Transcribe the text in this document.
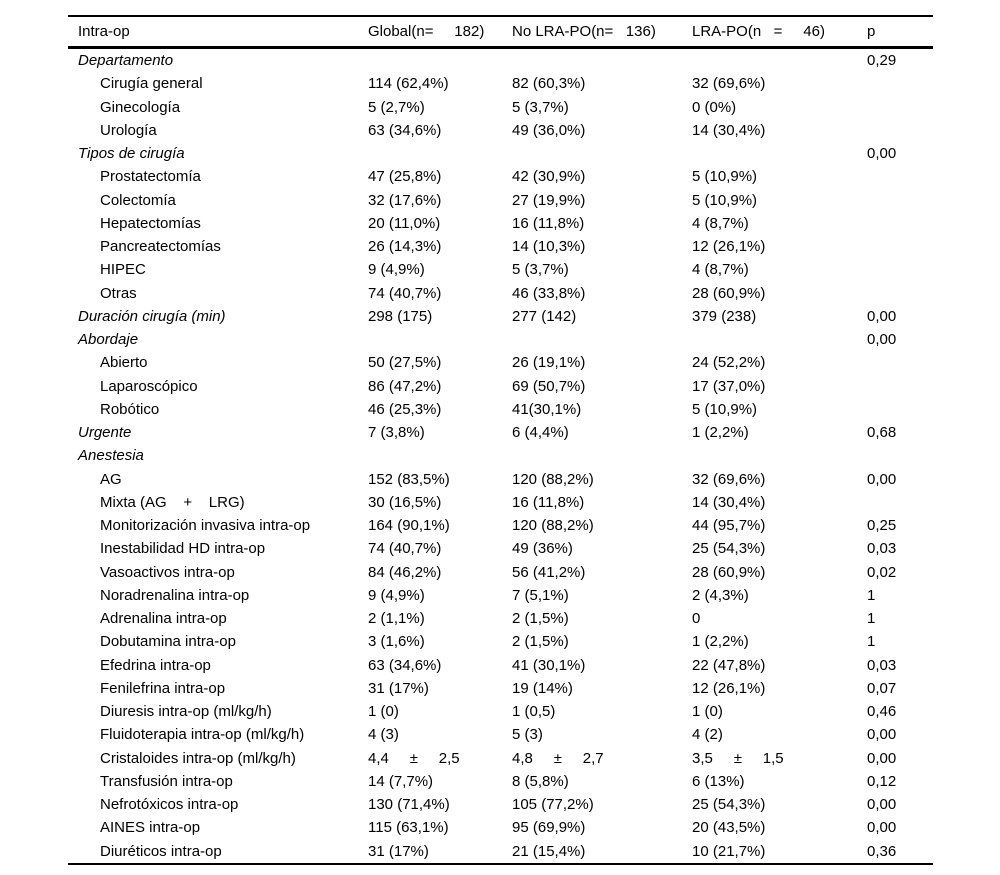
Intra-op	Global(n=     182)	No LRA-PO(n=   136)	LRA-PO(n   =     46)	p
Departamento				0,29
Cirugía general	114 (62,4%)	82 (60,3%)	32 (69,6%)	
Ginecología	5 (2,7%)	5 (3,7%)	0 (0%)	
Urología	63 (34,6%)	49 (36,0%)	14 (30,4%)	
Tipos de cirugía				0,00
Prostatectomía	47 (25,8%)	42 (30,9%)	5 (10,9%)	
Colectomía	32 (17,6%)	27 (19,9%)	5 (10,9%)	
Hepatectomías	20 (11,0%)	16 (11,8%)	4 (8,7%)	
Pancreatectomías	26 (14,3%)	14 (10,3%)	12 (26,1%)	
HIPEC	9 (4,9%)	5 (3,7%)	4 (8,7%)	
Otras	74 (40,7%)	46 (33,8%)	28 (60,9%)	
Duración cirugía (min)	298 (175)	277 (142)	379 (238)	0,00
Abordaje				0,00
Abierto	50 (27,5%)	26 (19,1%)	24 (52,2%)	
Laparoscópico	86 (47,2%)	69 (50,7%)	17 (37,0%)	
Robótico	46 (25,3%)	41(30,1%)	5 (10,9%)	
Urgente	7 (3,8%)	6 (4,4%)	1 (2,2%)	0,68
Anestesia				
AG	152 (83,5%)	120 (88,2%)	32 (69,6%)	0,00
Mixta (AG    +    LRG)	30 (16,5%)	16 (11,8%)	14 (30,4%)	
Monitorización invasiva intra-op	164 (90,1%)	120 (88,2%)	44 (95,7%)	0,25
Inestabilidad HD intra-op	74 (40,7%)	49 (36%)	25 (54,3%)	0,03
Vasoactivos intra-op	84 (46,2%)	56 (41,2%)	28 (60,9%)	0,02
Noradrenalina intra-op	9 (4,9%)	7 (5,1%)	2 (4,3%)	1
Adrenalina intra-op	2 (1,1%)	2 (1,5%)	0	1
Dobutamina intra-op	3 (1,6%)	2 (1,5%)	1 (2,2%)	1
Efedrina intra-op	63 (34,6%)	41 (30,1%)	22 (47,8%)	0,03
Fenilefrina intra-op	31 (17%)	19 (14%)	12 (26,1%)	0,07
Diuresis intra-op (ml/kg/h)	1 (0)	1 (0,5)	1 (0)	0,46
Fluidoterapia intra-op (ml/kg/h)	4 (3)	5 (3)	4 (2)	0,00
Cristaloides intra-op (ml/kg/h)	4,4     ±     2,5	4,8     ±     2,7	3,5     ±     1,5	0,00
Transfusión intra-op	14 (7,7%)	8 (5,8%)	6 (13%)	0,12
Nefrotóxicos intra-op	130 (71,4%)	105 (77,2%)	25 (54,3%)	0,00
AINES intra-op	115 (63,1%)	95 (69,9%)	20 (43,5%)	0,00
Diuréticos intra-op	31 (17%)	21 (15,4%)	10 (21,7%)	0,36
